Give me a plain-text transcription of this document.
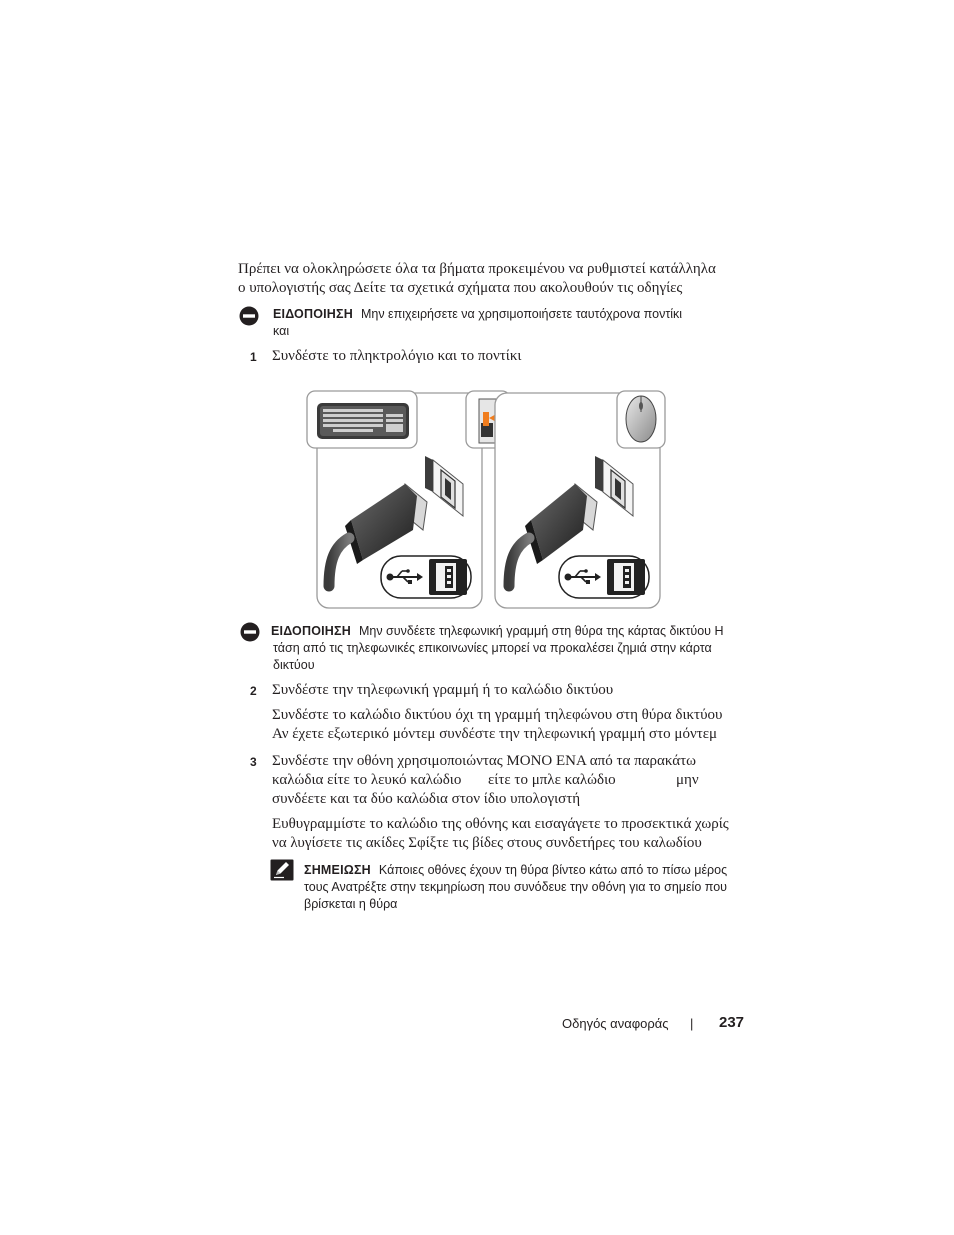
Πρέπει να ολοκληρώσετε όλα τα βήματα προκειμένου να ρυθμιστεί κατάλληλα
ο υπολογιστής σας Δείτε τα σχετικά σχήματα που ακολουθούν τις οδηγίες
ΕΙΔΟΠΟΙΗΣΗ Μην επιχειρήσετε να χρησιμοποιήσετε ταυτόχρονα ποντίκι
και
1 Συνδέστε το πληκτρολόγιο και το ποντίκι
ΕΙΔΟΠΟΙΗΣΗ Μην συνδέετε τηλεφωνική γραμμή στη θύρα της κάρτας δικτύου Η
τάση από τις τηλεφωνικές επικοινωνίες μπορεί να προκαλέσει ζημιά στην κάρτα
δικτύου
2 Συνδέστε την τηλεφωνική γραμμή ή το καλώδιο δικτύου
Συνδέστε το καλώδιο δικτύου όχι τη γραμμή τηλεφώνου στη θύρα δικτύου
Αν έχετε εξωτερικό μόντεμ συνδέστε την τηλεφωνική γραμμή στο μόντεμ
3 Συνδέστε την οθόνη χρησιμοποιώντας ΜΟΝΟ ΕΝΑ από τα παρακάτω
καλώδια είτε το λευκό καλώδιο είτε το μπλε καλώδιο	μην
συνδέετε και τα δύο καλώδια στον ίδιο υπολογιστή
Ευθυγραμμίστε το καλώδιο της οθόνης και εισαγάγετε το προσεκτικά χωρίς
να λυγίσετε τις ακίδες Σφίξτε τις βίδες στους συνδετήρες του καλωδίου
ΣΗΜΕΙΩΣΗ Κάποιες οθόνες έχουν τη θύρα βίντεο κάτω από το πίσω μέρος
τους Ανατρέξτε στην τεκμηρίωση που συνόδευε την οθόνη για το σημείο που
βρίσκεται η θύρα
Οδηγός αναφοράς | 237
